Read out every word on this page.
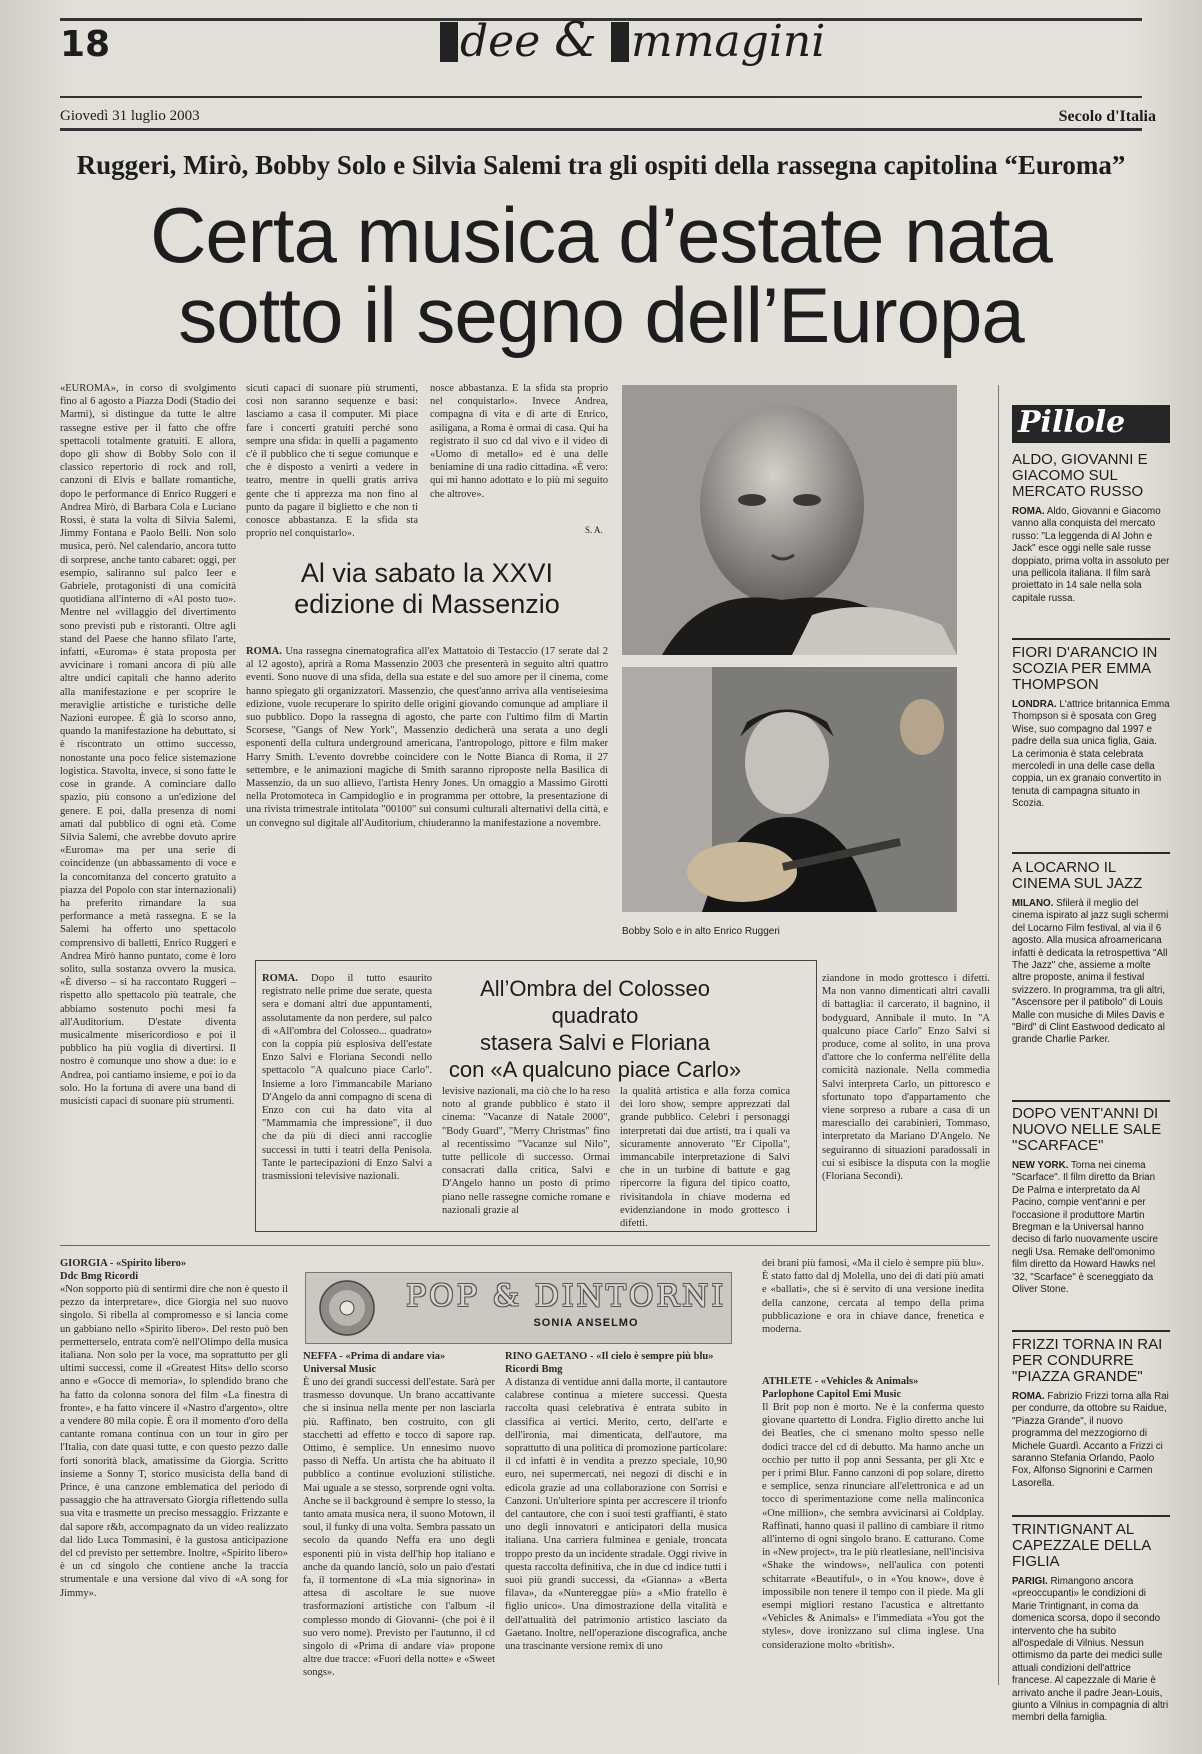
18	dee & mmagini
Giovedì 31 luglio 2003	Secolo d'Italia
Ruggeri, Mirò, Bobby Solo e Silvia Salemi tra gli ospiti della rassegna capitolina “Euroma”
Certa musica d’estate nata
sotto il segno dell’Europa
«EUROMA», in corso di svolgimento fino al 6 agosto a Piazza Dodi (Stadio dei Marmi), si distingue da tutte le altre rassegne estive per il fatto che offre spettacoli totalmente gratuiti. E allora, dopo gli show di Bobby Solo con il classico repertorio di rock and roll, canzoni di Elvis e ballate romantiche, dopo le performance di Enrico Ruggeri e Andrea Mirò, di Barbara Cola e Luciano Rossi, è stata la volta di Silvia Salemi, Jimmy Fontana e Paolo Belli. Non solo musica, però. Nel calendario, ancora tutto di sorprese, anche tanto cabaret: oggi, per esempio, saliranno sul palco Ieer e Gabriele, protagonisti di una comicità quotidiana all'interno di «Al posto tuo». Mentre nel «villaggio del divertimento sono previsti pub e ristoranti. Oltre agli stand del Paese che hanno sfilato l'arte, infatti, «Euroma» è stata proposta per avvicinare i romani ancora di più alle altre undici capitali che hanno aderito alla manifestazione e per scoprire le meraviglie artistiche e turistiche delle Nazioni europee. È già lo scorso anno, quando la manifestazione ha debuttato, si è riscontrato un ottimo successo, nonostante una poco felice sistemazione logistica. Stavolta, invece, si sono fatte le cose in grande. A cominciare dallo spazio, più consono a un'edizione del genere. E poi, dalla presenza di nomi amati dal pubblico di ogni età. Come Silvia Salemi, che avrebbe dovuto aprire «Euroma» ma per una serie di coincidenze (un abbassamento di voce e la concomitanza del concerto gratuito a piazza del Popolo con star internazionali) ha preferito rimandare la sua performance a metà rassegna. E se la Salemi ha offerto uno spettacolo comprensivo di balletti, Enrico Ruggeri e Andrea Mirò hanno puntato, come è loro solito, sulla sostanza ovvero la musica. «È diverso – si ha raccontato Ruggeri – rispetto allo spettacolo più teatrale, che abbiamo sostenuto pochi mesi fa all'Auditorium. D'estate diventa musicalmente misericordioso e poi il pubblico ha più voglia di divertirsi. Il nostro è comunque uno show a due: io e Andrea, poi cantiamo insieme, e poi io da solo. Ho la fortuna di avere una band di musicisti capaci di suonare più strumenti.
sicuti capaci di suonare più strumenti, così non saranno sequenze e basi: lasciamo a casa il computer. Mi piace fare i concerti gratuiti perché sono sempre una sfida: in quelli a pagamento c'è il pubblico che ti segue comunque e che è disposto a venirti a vedere in teatro, mentre in quelli gratis arriva gente che ti apprezza ma non fino al punto da pagare il biglietto e che non ti conosce abbastanza. E la sfida sta proprio nel conquistarlo».
nosce abbastanza. E la sfida sta proprio nel conquistarlo». Invece Andrea, compagna di vita e di arte di Enrico, asiligana, a Roma è ormai di casa. Qui ha registrato il suo cd dal vivo e il video di «Uomo di metallo» ed è una delle beniamine di una radio cittadina. «È vero: qui mi hanno adottato e lo più mi seguito che altrove».
S. A.
Al via sabato la XXVI
edizione di Massenzio
ROMA. Una rassegna cinematografica all'ex Mattatoio di Testaccio (17 serate dal 2 al 12 agosto), aprirà a Roma Massenzio 2003 che presenterà in seguito altri quattro eventi. Sono nuove di una sfida, della sua estate e del suo amore per il cinema, come hanno spiegato gli organizzatori. Massenzio, che quest'anno arriva alla ventiseiesima edizione, vuole recuperare lo spirito delle origini giovando comunque ad ampliare il suo pubblico. Dopo la rassegna di agosto, che parte con l'ultimo film di Martin Scorsese, "Gangs of New York", Massenzio dedicherà una serata a uno degli esponenti della cultura underground americana, l'antropologo, pittore e film maker Harry Smith. L'evento dovrebbe coincidere con le Notte Bianca di Roma, il 27 settembre, e le animazioni magiche di Smith saranno riproposte nella Basilica di Massenzio, da un suo allievo, l'artista Henry Jones. Un omaggio a Massimo Girotti nella Protomoteca in Campidoglio e in programma per ottobre, la presentazione di una rivista trimestrale intitolata "00100" sui consumi culturali alternativi della città, e un convegno sul digitale all'Auditorium, chiuderanno la manifestazione a novembre.
Bobby Solo e in alto Enrico Ruggeri
Pillole
ALDO, GIOVANNI E GIACOMO SUL MERCATO RUSSO
ROMA. Aldo, Giovanni e Giacomo vanno alla conquista del mercato russo: "La leggenda di Al John e Jack" esce oggi nelle sale russe doppiato, prima volta in assoluto per una pellicola italiana. Il film sarà proiettato in 14 sale nella sola capitale russa.
FIORI D'ARANCIO IN SCOZIA PER EMMA THOMPSON
LONDRA. L'attrice britannica Emma Thompson si è sposata con Greg Wise, suo compagno dal 1997 e padre della sua unica figlia, Gaia. La cerimonia è stata celebrata mercoledì in una delle case della coppia, un ex granaio convertito in tenuta di campagna situato in Scozia.
A LOCARNO IL CINEMA SUL JAZZ
MILANO. Sfilerà il meglio del cinema ispirato al jazz sugli schermi del Locarno Film festival, al via il 6 agosto. Alla musica afroamericana infatti è dedicata la retrospettiva "All The Jazz" che, assieme a molte altre proposte, anima il festival svizzero. In programma, tra gli altri, "Ascensore per il patibolo" di Louis Malle con musiche di Miles Davis e "Bird" di Clint Eastwood dedicato al grande Charlie Parker.
DOPO VENT'ANNI DI NUOVO NELLE SALE "SCARFACE"
NEW YORK. Torna nei cinema "Scarface". Il film diretto da Brian De Palma e interpretato da Al Pacino, compie vent'anni e per l'occasione il produttore Martin Bregman e la Universal hanno deciso di farlo nuovamente uscire negli Usa. Remake dell'omonimo film diretto da Howard Hawks nel '32, "Scarface" è sceneggiato da Oliver Stone.
FRIZZI TORNA IN RAI PER CONDURRE "PIAZZA GRANDE"
ROMA. Fabrizio Frizzi torna alla Rai per condurre, da ottobre su Raidue, "Piazza Grande", il nuovo programma del mezzogiorno di Michele Guardì. Accanto a Frizzi ci saranno Stefania Orlando, Paolo Fox, Alfonso Signorini e Carmen Lasorella.
TRINTIGNANT AL CAPEZZALE DELLA FIGLIA
PARIGI. Rimangono ancora «preoccupanti» le condizioni di Marie Trintignant, in coma da domenica scorsa, dopo il secondo intervento che ha subito all'ospedale di Vilnius. Nessun ottimismo da parte dei medici sulle attuali condizioni dell'attrice francese. Al capezzale di Marie è arrivato anche il padre Jean-Louis, giunto a Vilnius in compagnia di altri membri della famiglia.
All’Ombra del Colosseo quadrato
stasera Salvi e Floriana
con «A qualcuno piace Carlo»
ROMA. Dopo il tutto esaurito registrato nelle prime due serate, questa sera e domani altri due appuntamenti, assolutamente da non perdere, sul palco di «All'ombra del Colosseo... quadrato» con la coppia più esplosiva dell'estate Enzo Salvi e Floriana Secondi nello spettacolo "A qualcuno piace Carlo". Insieme a loro l'immancabile Mariano D'Angelo da anni compagno di scena di Enzo con cui ha dato vita al "Mammamia che impressione", il duo che da più di dieci anni raccoglie successi in tutti i teatri della Penisola. Tante le partecipazioni di Enzo Salvi a trasmissioni televisive nazionali.
levisive nazionali, ma ciò che lo ha reso noto al grande pubblico è stato il cinema: "Vacanze di Natale 2000", "Body Guard", "Merry Christmas" fino al recentissimo "Vacanze sul Nilo", tutte pellicole di successo. Ormai consacrati dalla critica, Salvi e D'Angelo hanno un posto di primo piano nelle rassegne comiche romane e nazionali grazie al
la qualità artistica e alla forza comica dei loro show, sempre apprezzati dal grande pubblico. Celebri i personaggi interpretati dai due artisti, tra i quali va sicuramente annoverato "Er Cipolla", immancabile interpretazione di Salvi che in un turbine di battute e gag ripercorre la figura del tipico coatto, rivisitandola in chiave moderna ed evidenziandone in modo grottesco i difetti.
ziandone in modo grottesco i difetti. Ma non vanno dimenticati altri cavalli di battaglia: il carcerato, il bagnino, il bodyguard, Annibale il muto. In "A qualcuno piace Carlo" Enzo Salvi si produce, come al solito, in una prova d'attore che lo conferma nell'élite della comicità nazionale. Nella commedia Salvi interpreta Carlo, un pittoresco e sfortunato topo d'appartamento che viene sorpreso a rubare a casa di un maresciallo dei carabinieri, Tommaso, interpretato da Mariano D'Angelo. Ne seguiranno di situazioni paradossali in cui si esibisce la disputa con la moglie (Floriana Secondi).
POP & DINTORNI
SONIA ANSELMO
GIORGIA - «Spirito libero»
Ddc Bmg Ricordi
«Non sopporto più di sentirmi dire che non è questo il pezzo da interpretare», dice Giorgia nel suo nuovo singolo. Si ribella al compromesso e si lancia come un gabbiano nello «Spirito libero». Del resto può ben permetterselo, entrata com'è nell'Olimpo della musica italiana. Non solo per la voce, ma soprattutto per gli ultimi successi, come il «Greatest Hits» dello scorso anno e «Gocce di memoria», lo splendido brano che ha fatto da colonna sonora del film «La finestra di fronte», e ha fatto vincere il «Nastro d'argento», oltre a vendere 80 mila copie. È ora il momento d'oro della cantante romana continua con un tour in giro per l'Italia, con date quasi tutte, e con questo pezzo dalle forti sonorità black, amatissime da Giorgia. Scritto insieme a Sonny T, storico musicista della band di Prince, è una canzone emblematica del periodo di passaggio che ha attraversato Giorgia riflettendo sulla sua vita e trasmette un preciso messaggio. Frizzante e dal sapore r&b, accompagnato da un video realizzato dal lido Luca Tommasini, è la gustosa anticipazione del cd previsto per settembre. Inoltre, «Spirito libero» è un cd singolo che contiene anche la traccia strumentale e una versione dal vivo di «A song for Jimmy».
NEFFA - «Prima di andare via»
Universal Music
È uno dei grandi successi dell'estate. Sarà per trasmesso dovunque. Un brano accattivante che si insinua nella mente per non lasciarla più. Raffinato, ben costruito, con gli stacchetti ad effetto e tocco di sapore rap. Ottimo, è semplice. Un ennesimo nuovo passo di Neffa. Un artista che ha abituato il pubblico a continue evoluzioni stilistiche. Mai uguale a se stesso, sorprende ogni volta. Anche se il background è sempre lo stesso, la tanto amata musica nera, il suono Motown, il soul, il funky di una volta. Sembra passato un secolo da quando Neffa era uno degli esponenti più in vista dell'hip hop italiano e anche da quando lanciò, solo un paio d'estati fa, il tormentone di «La mia signorina» in attesa di ascoltare le sue nuove trasformazioni artistiche con l'album -il complesso mondo di Giovanni- (che poi è il suo vero nome). Previsto per l'autunno, il cd singolo di «Prima di andare via» propone altre due tracce: «Fuori della notte» e «Sweet songs».
RINO GAETANO - «Il cielo è sempre più blu»
Ricordi Bmg
A distanza di ventidue anni dalla morte, il cantautore calabrese continua a mietere successi. Questa raccolta quasi celebrativa è entrata subito in classifica ai vertici. Merito, certo, dell'arte e dell'ironia, mai dimenticata, dell'autore, ma soprattutto di una politica di promozione particolare: il cd infatti è in vendita a prezzo speciale, 10,90 euro, nei supermercati, nei negozi di dischi e in edicola grazie ad una collaborazione con Sorrisi e Canzoni. Un'ulteriore spinta per accrescere il trionfo del cantautore, che con i suoi testi graffianti, è stato uno degli innovatori e anticipatori della musica italiana. Una carriera fulminea e geniale, troncata troppo presto da un incidente stradale. Oggi rivive in questa raccolta definitiva, che in due cd indice tutti i suoi più grandi successi, da «Gianna» a «Berta filava», da «Nuntereggae più» a «Mio fratello è figlio unico». Una dimostrazione della vitalità e dell'attualità del patrimonio artistico lasciato da Gaetano. Inoltre, nell'operazione discografica, anche una trascinante versione remix di uno
dei brani più famosi, «Ma il cielo è sempre più blu». È stato fatto dal dj Molella, uno dei di dati più amati e «ballati», che si è servito di una versione inedita della canzone, cercata al tempo della prima pubblicazione e ora in chiave dance, frenetica e moderna.
ATHLETE - «Vehicles & Animals»
Parlophone Capitol Emi Music
Il Brit pop non è morto. Ne è la conferma questo giovane quartetto di Londra. Figlio diretto anche lui dei Beatles, che ci smenano molto spesso nelle dodici tracce del cd di debutto. Ma hanno anche un occhio per tutto il pop anni Sessanta, per gli Xtc e per i primi Blur. Fanno canzoni di pop solare, diretto e semplice, senza rinunciare all'elettronica e ad un tocco di sperimentazione come nella malinconica «One million», che sembra avvicinarsi ai Coldplay. Raffinati, hanno quasi il pallino di cambiare il ritmo all'interno di ogni singolo brano. E catturano. Come in «New project», tra le più rleatlesiane, nell'incisiva «Shake the windows», nell'aulica con potenti schitarrate «Beautiful», o in «You know», dove è impossibile non tenere il tempo con il piede. Ma gli esempi migliori restano l'acustica e altrettanto «Vehicles & Animals» e l'immediata «You got the styles», dove ironizzano sul clima inglese. Una considerazione molto «british».
